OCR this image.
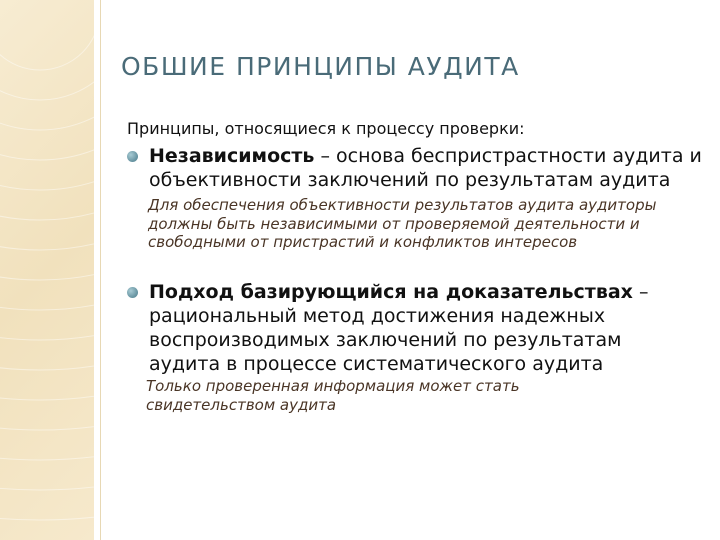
ОБШИЕ ПРИНЦИПЫ АУДИТА
Принципы, относящиеся к процессу проверки:
Независимость – основа беспристрастности аудита и объективности заключений по результатам аудита
Для обеспечения объективности результатов аудита аудиторы должны быть независимыми от проверяемой деятельности и свободными от пристрастий и конфликтов интересов
Подход базирующийся на доказательствах – рациональный метод достижения надежных воспроизводимых заключений по результатам аудита в процессе систематического аудита
Только проверенная информация может стать свидетельством аудита
